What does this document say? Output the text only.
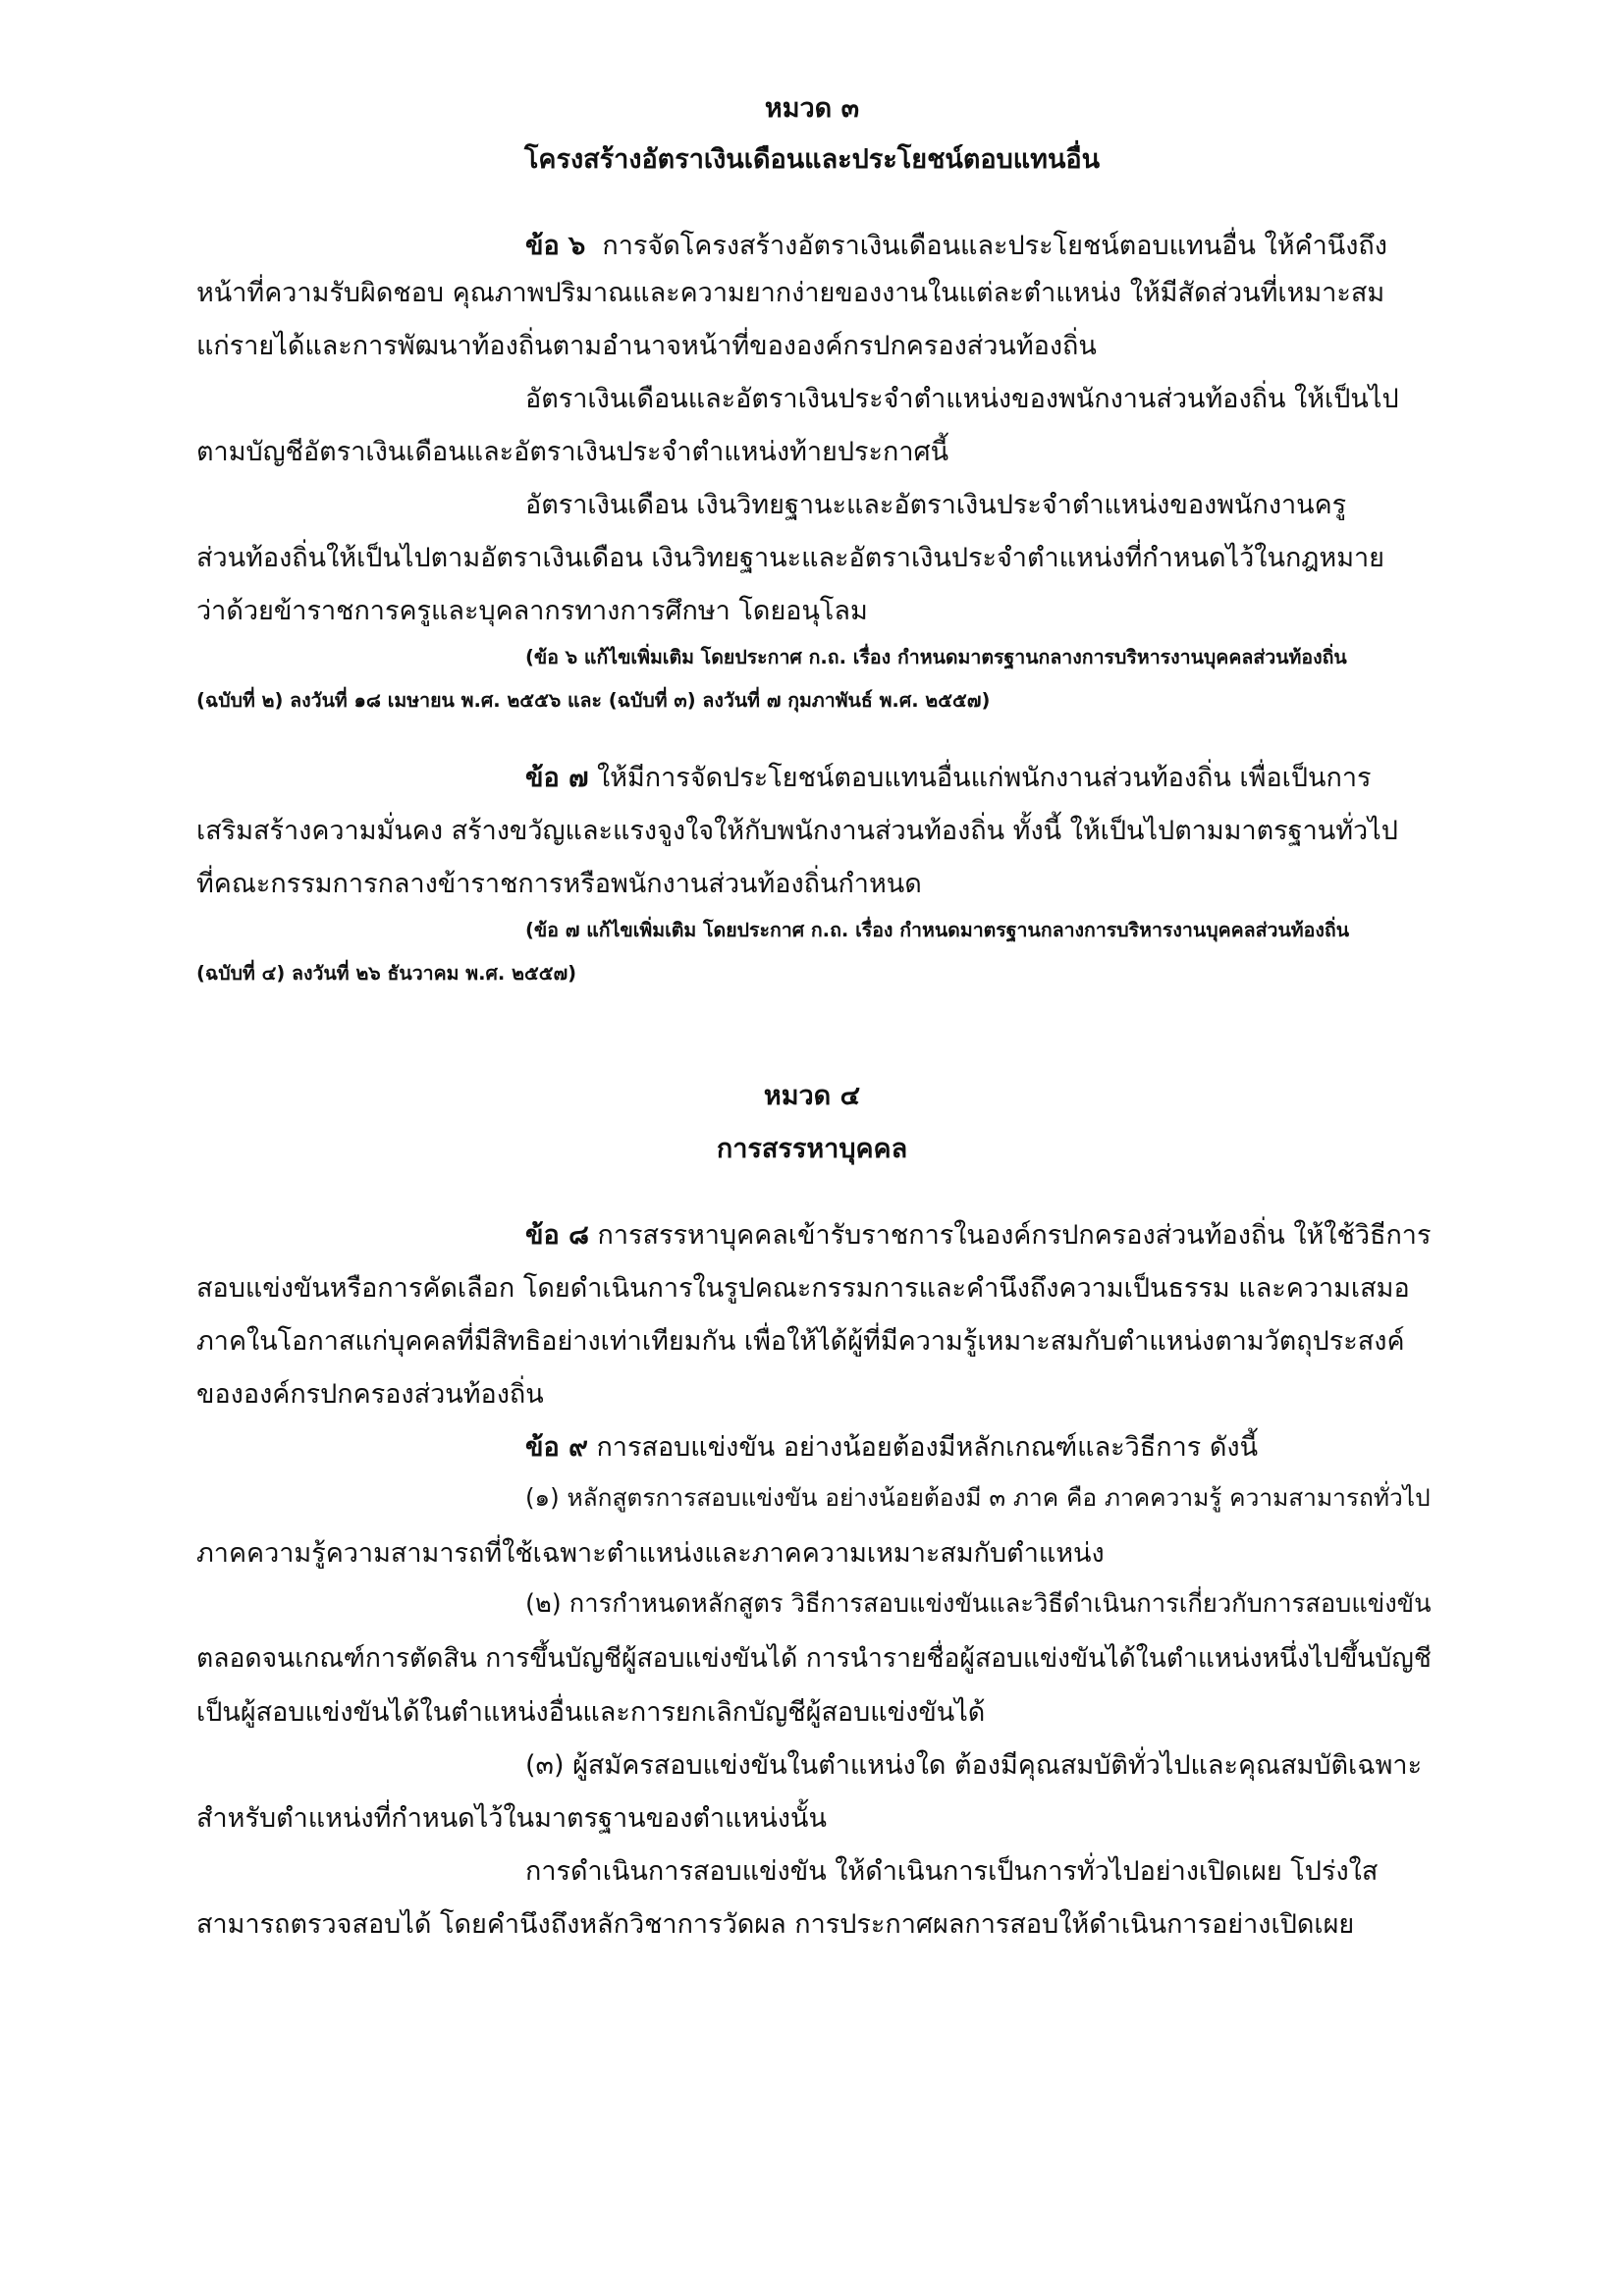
หมวด ๓

โครงสร้างอัตราเงินเดือนและประโยชน์ตอบแทนอื่น

ข้อ ๖ การจัดโครงสร้างอัตราเงินเดือนและประโยชน์ตอบแทนอื่น ให้คำนึงถึง

หน้าที่ความรับผิดชอบ คุณภาพปริมาณและความยากง่ายของงานในแต่ละตำแหน่ง ให้มีสัดส่วนที่เหมาะสม

แก่รายได้และการพัฒนาท้องถิ่นตามอำนาจหน้าที่ขององค์กรปกครองส่วนท้องถิ่น

อัตราเงินเดือนและอัตราเงินประจำตำแหน่งของพนักงานส่วนท้องถิ่น ให้เป็นไป

ตามบัญชีอัตราเงินเดือนและอัตราเงินประจำตำแหน่งท้ายประกาศนี้

อัตราเงินเดือน เงินวิทยฐานะและอัตราเงินประจำตำแหน่งของพนักงานครู

ส่วนท้องถิ่นให้เป็นไปตามอัตราเงินเดือน เงินวิทยฐานะและอัตราเงินประจำตำแหน่งที่กำหนดไว้ในกฎหมาย

ว่าด้วยข้าราชการครูและบุคลากรทางการศึกษา โดยอนุโลม

(ข้อ ๖ แก้ไขเพิ่มเติม โดยประกาศ ก.ถ. เรื่อง กำหนดมาตรฐานกลางการบริหารงานบุคคลส่วนท้องถิ่น

(ฉบับที่ ๒) ลงวันที่ ๑๘ เมษายน พ.ศ. ๒๕๕๖ และ (ฉบับที่ ๓) ลงวันที่ ๗ กุมภาพันธ์ พ.ศ. ๒๕๕๗)

ข้อ ๗ ให้มีการจัดประโยชน์ตอบแทนอื่นแก่พนักงานส่วนท้องถิ่น เพื่อเป็นการ

เสริมสร้างความมั่นคง สร้างขวัญและแรงจูงใจให้กับพนักงานส่วนท้องถิ่น ทั้งนี้ ให้เป็นไปตามมาตรฐานทั่วไป

ที่คณะกรรมการกลางข้าราชการหรือพนักงานส่วนท้องถิ่นกำหนด

(ข้อ ๗ แก้ไขเพิ่มเติม โดยประกาศ ก.ถ. เรื่อง กำหนดมาตรฐานกลางการบริหารงานบุคคลส่วนท้องถิ่น

(ฉบับที่ ๔) ลงวันที่ ๒๖ ธันวาคม พ.ศ. ๒๕๕๗)

หมวด ๔

การสรรหาบุคคล

ข้อ ๘ การสรรหาบุคคลเข้ารับราชการในองค์กรปกครองส่วนท้องถิ่น ให้ใช้วิธีการ

สอบแข่งขันหรือการคัดเลือก โดยดำเนินการในรูปคณะกรรมการและคำนึงถึงความเป็นธรรม และความเสมอ

ภาคในโอกาสแก่บุคคลที่มีสิทธิอย่างเท่าเทียมกัน เพื่อให้ได้ผู้ที่มีความรู้เหมาะสมกับตำแหน่งตามวัตถุประสงค์

ขององค์กรปกครองส่วนท้องถิ่น

ข้อ ๙ การสอบแข่งขัน อย่างน้อยต้องมีหลักเกณฑ์และวิธีการ ดังนี้

(๑) หลักสูตรการสอบแข่งขัน อย่างน้อยต้องมี ๓ ภาค คือ ภาคความรู้ ความสามารถทั่วไป

ภาคความรู้ความสามารถที่ใช้เฉพาะตำแหน่งและภาคความเหมาะสมกับตำแหน่ง

(๒) การกำหนดหลักสูตร วิธีการสอบแข่งขันและวิธีดำเนินการเกี่ยวกับการสอบแข่งขัน

ตลอดจนเกณฑ์การตัดสิน การขึ้นบัญชีผู้สอบแข่งขันได้ การนำรายชื่อผู้สอบแข่งขันได้ในตำแหน่งหนึ่งไปขึ้นบัญชี

เป็นผู้สอบแข่งขันได้ในตำแหน่งอื่นและการยกเลิกบัญชีผู้สอบแข่งขันได้

(๓) ผู้สมัครสอบแข่งขันในตำแหน่งใด ต้องมีคุณสมบัติทั่วไปและคุณสมบัติเฉพาะ

สำหรับตำแหน่งที่กำหนดไว้ในมาตรฐานของตำแหน่งนั้น

การดำเนินการสอบแข่งขัน ให้ดำเนินการเป็นการทั่วไปอย่างเปิดเผย โปร่งใส

สามารถตรวจสอบได้ โดยคำนึงถึงหลักวิชาการวัดผล การประกาศผลการสอบให้ดำเนินการอย่างเปิดเผย
